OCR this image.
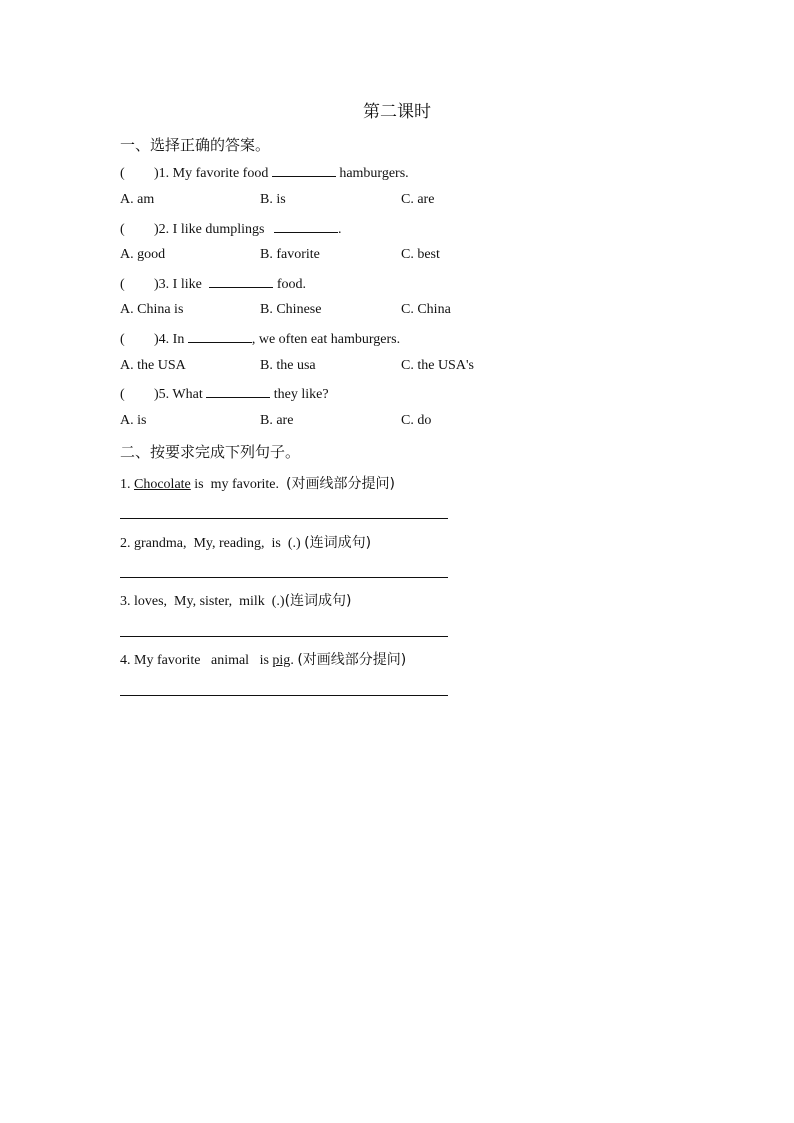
第二课时
一、选择正确的答案。
( )1. My favorite food	hamburgers.
A. am	B. is	C. are
( )2. I like dumplings	.
A. good	B. favorite	C. best
( )3. I like	food.
A. China is	B. Chinese	C. China
( )4. In	, we often eat hamburgers.
A. the USA	B. the usa	C. the USA's
( )5. What	they like?
A. is	B. are	C. do
二、按要求完成下列句子。
1. Chocolate is  my favorite.  (对画线部分提问)
2. grandma,  My, reading,  is  (.) (连词成句)
3. loves,  My, sister,  milk  (.)(连词成句)
4. My favorite   animal   is pig. (对画线部分提问)
